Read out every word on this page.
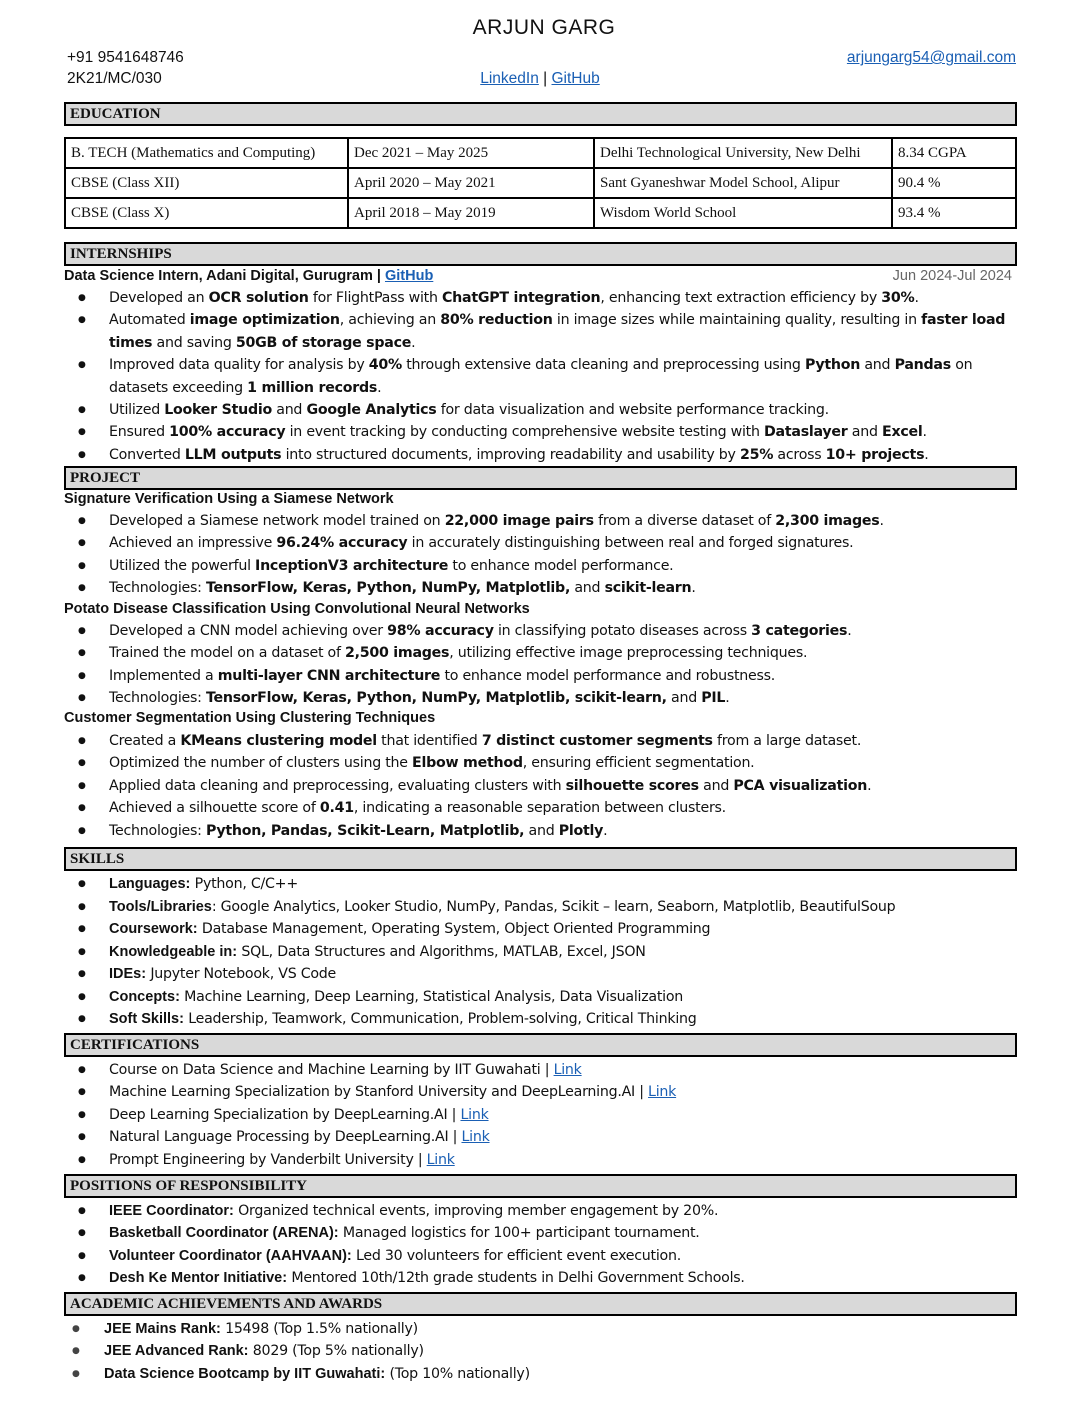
ARJUN GARG
+91 9541648746
2K21/MC/030
arjungarg54@gmail.com
LinkedIn | GitHub
EDUCATION
B. TECH (Mathematics and Computing)	Dec 2021 – May 2025	Delhi Technological University, New Delhi	8.34 CGPA
CBSE (Class XII)	April 2020 – May 2021	Sant Gyaneshwar Model School, Alipur	90.4 %
CBSE (Class X)	April 2018 – May 2019	Wisdom World School	93.4 %
INTERNSHIPS
Data Science Intern, Adani Digital, Gurugram | GitHub	Jun 2024-Jul 2024
● Developed an OCR solution for FlightPass with ChatGPT integration, enhancing text extraction efficiency by 30%.
● Automated image optimization, achieving an 80% reduction in image sizes while maintaining quality, resulting in faster load times and saving 50GB of storage space.
● Improved data quality for analysis by 40% through extensive data cleaning and preprocessing using Python and Pandas on datasets exceeding 1 million records.
● Utilized Looker Studio and Google Analytics for data visualization and website performance tracking.
● Ensured 100% accuracy in event tracking by conducting comprehensive website testing with Dataslayer and Excel.
● Converted LLM outputs into structured documents, improving readability and usability by 25% across 10+ projects.
PROJECT
Signature Verification Using a Siamese Network
● Developed a Siamese network model trained on 22,000 image pairs from a diverse dataset of 2,300 images.
● Achieved an impressive 96.24% accuracy in accurately distinguishing between real and forged signatures.
● Utilized the powerful InceptionV3 architecture to enhance model performance.
● Technologies: TensorFlow, Keras, Python, NumPy, Matplotlib, and scikit-learn.
Potato Disease Classification Using Convolutional Neural Networks
● Developed a CNN model achieving over 98% accuracy in classifying potato diseases across 3 categories.
● Trained the model on a dataset of 2,500 images, utilizing effective image preprocessing techniques.
● Implemented a multi-layer CNN architecture to enhance model performance and robustness.
● Technologies: TensorFlow, Keras, Python, NumPy, Matplotlib, scikit-learn, and PIL.
Customer Segmentation Using Clustering Techniques
● Created a KMeans clustering model that identified 7 distinct customer segments from a large dataset.
● Optimized the number of clusters using the Elbow method, ensuring efficient segmentation.
● Applied data cleaning and preprocessing, evaluating clusters with silhouette scores and PCA visualization.
● Achieved a silhouette score of 0.41, indicating a reasonable separation between clusters.
● Technologies: Python, Pandas, Scikit-Learn, Matplotlib, and Plotly.
SKILLS
● Languages: Python, C/C++
● Tools/Libraries: Google Analytics, Looker Studio, NumPy, Pandas, Scikit – learn, Seaborn, Matplotlib, BeautifulSoup
● Coursework: Database Management, Operating System, Object Oriented Programming
● Knowledgeable in: SQL, Data Structures and Algorithms, MATLAB, Excel, JSON
● IDEs: Jupyter Notebook, VS Code
● Concepts: Machine Learning, Deep Learning, Statistical Analysis, Data Visualization
● Soft Skills: Leadership, Teamwork, Communication, Problem-solving, Critical Thinking
CERTIFICATIONS
● Course on Data Science and Machine Learning by IIT Guwahati | Link
● Machine Learning Specialization by Stanford University and DeepLearning.AI | Link
● Deep Learning Specialization by DeepLearning.AI | Link
● Natural Language Processing by DeepLearning.AI | Link
● Prompt Engineering by Vanderbilt University | Link
POSITIONS OF RESPONSIBILITY
● IEEE Coordinator: Organized technical events, improving member engagement by 20%.
● Basketball Coordinator (ARENA): Managed logistics for 100+ participant tournament.
● Volunteer Coordinator (AAHVAAN): Led 30 volunteers for efficient event execution.
● Desh Ke Mentor Initiative: Mentored 10th/12th grade students in Delhi Government Schools.
ACADEMIC ACHIEVEMENTS AND AWARDS
● JEE Mains Rank: 15498 (Top 1.5% nationally)
● JEE Advanced Rank: 8029 (Top 5% nationally)
● Data Science Bootcamp by IIT Guwahati: (Top 10% nationally)
